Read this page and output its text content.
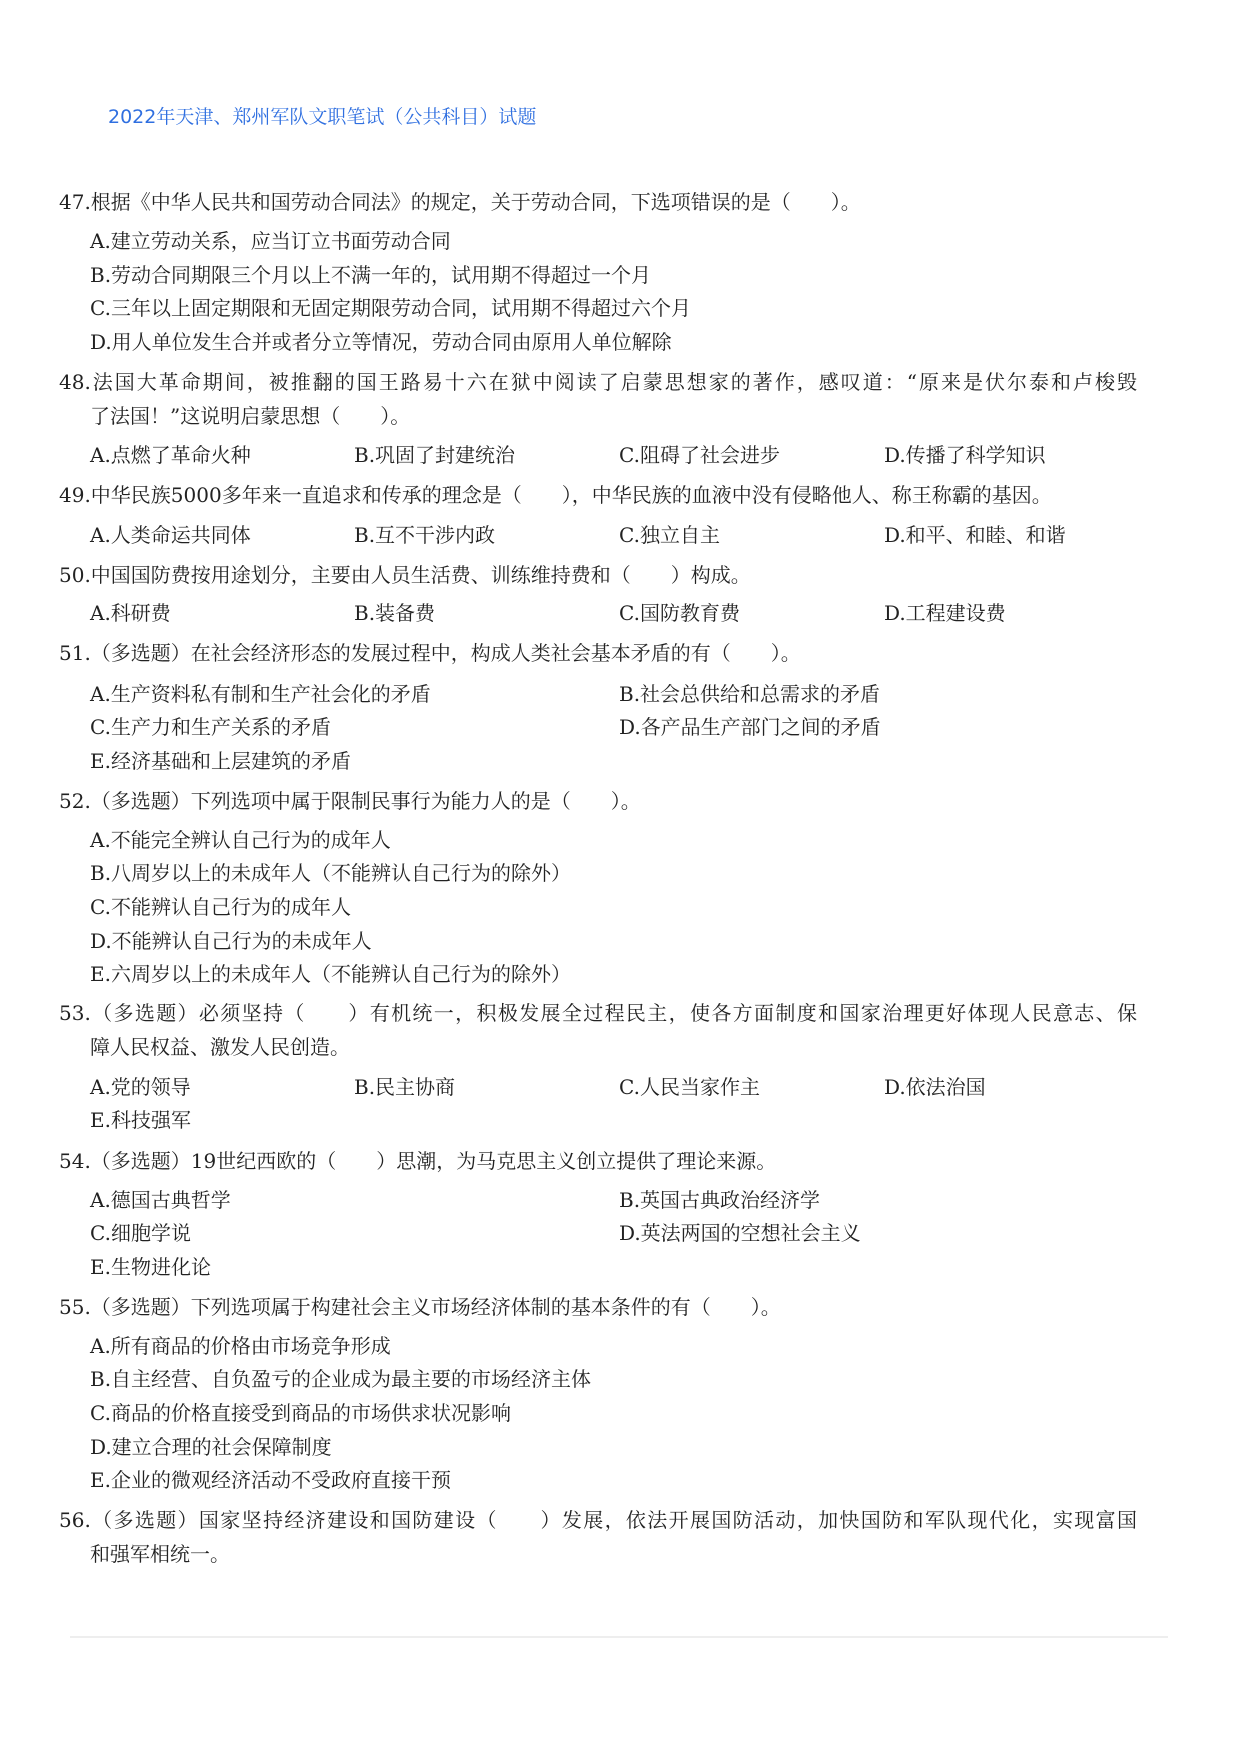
2022年天津、郑州军队文职笔试（公共科目）试题
47.根据《中华人民共和国劳动合同法》的规定，关于劳动合同，下选项错误的是（　　）。
A.建立劳动关系，应当订立书面劳动合同
B.劳动合同期限三个月以上不满一年的，试用期不得超过一个月
C.三年以上固定期限和无固定期限劳动合同，试用期不得超过六个月
D.用人单位发生合并或者分立等情况，劳动合同由原用人单位解除
48.法国大革命期间，被推翻的国王路易十六在狱中阅读了启蒙思想家的著作，感叹道：“原来是伏尔泰和卢梭毁
了法国！”这说明启蒙思想（　　）。
A.点燃了革命火种	B.巩固了封建统治	C.阻碍了社会进步	D.传播了科学知识
49.中华民族5000多年来一直追求和传承的理念是（　　），中华民族的血液中没有侵略他人、称王称霸的基因。
A.人类命运共同体	B.互不干涉内政	C.独立自主	D.和平、和睦、和谐
50.中国国防费按用途划分，主要由人员生活费、训练维持费和（　　）构成。
A.科研费	B.装备费	C.国防教育费	D.工程建设费
51.（多选题）在社会经济形态的发展过程中，构成人类社会基本矛盾的有（　　）。
A.生产资料私有制和生产社会化的矛盾	B.社会总供给和总需求的矛盾
C.生产力和生产关系的矛盾	D.各产品生产部门之间的矛盾
E.经济基础和上层建筑的矛盾
52.（多选题）下列选项中属于限制民事行为能力人的是（　　）。
A.不能完全辨认自己行为的成年人
B.八周岁以上的未成年人（不能辨认自己行为的除外）
C.不能辨认自己行为的成年人
D.不能辨认自己行为的未成年人
E.六周岁以上的未成年人（不能辨认自己行为的除外）
53.（多选题）必须坚持（　　）有机统一，积极发展全过程民主，使各方面制度和国家治理更好体现人民意志、保
障人民权益、激发人民创造。
A.党的领导	B.民主协商	C.人民当家作主	D.依法治国
E.科技强军
54.（多选题）19世纪西欧的（　　）思潮，为马克思主义创立提供了理论来源。
A.德国古典哲学	B.英国古典政治经济学
C.细胞学说	D.英法两国的空想社会主义
E.生物进化论
55.（多选题）下列选项属于构建社会主义市场经济体制的基本条件的有（　　）。
A.所有商品的价格由市场竞争形成
B.自主经营、自负盈亏的企业成为最主要的市场经济主体
C.商品的价格直接受到商品的市场供求状况影响
D.建立合理的社会保障制度
E.企业的微观经济活动不受政府直接干预
56.（多选题）国家坚持经济建设和国防建设（　　）发展，依法开展国防活动，加快国防和军队现代化，实现富国
和强军相统一。
